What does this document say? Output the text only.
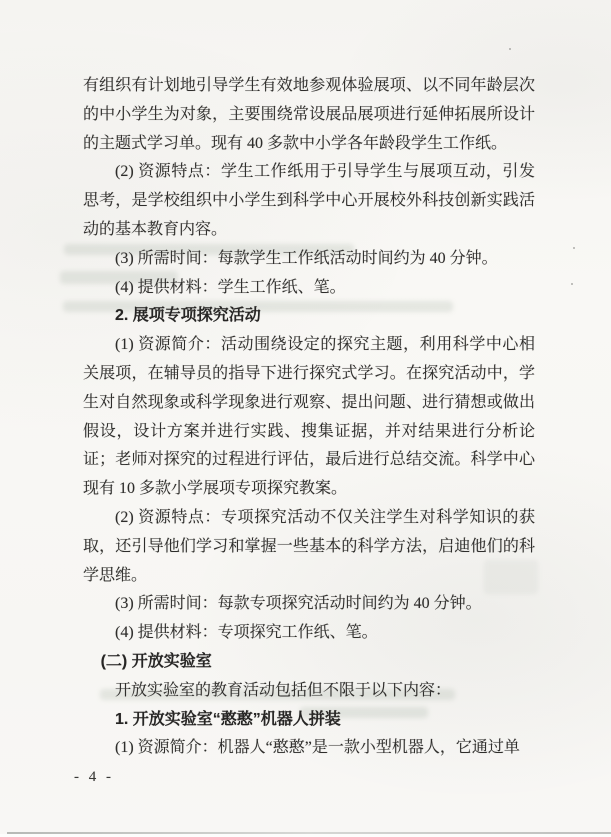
有组织有计划地引导学生有效地参观体验展项、以不同年龄层次的中小学生为对象，主要围绕常设展品展项进行延伸拓展所设计的主题式学习单。现有 40 多款中小学各年龄段学生工作纸。

(2) 资源特点：学生工作纸用于引导学生与展项互动，引发思考，是学校组织中小学生到科学中心开展校外科技创新实践活动的基本教育内容。

(3) 所需时间：每款学生工作纸活动时间约为 40 分钟。

(4) 提供材料：学生工作纸、笔。

2. 展项专项探究活动

(1) 资源简介：活动围绕设定的探究主题，利用科学中心相关展项，在辅导员的指导下进行探究式学习。在探究活动中，学生对自然现象或科学现象进行观察、提出问题、进行猜想或做出假设，设计方案并进行实践、搜集证据，并对结果进行分析论证；老师对探究的过程进行评估，最后进行总结交流。科学中心现有 10 多款小学展项专项探究教案。

(2) 资源特点：专项探究活动不仅关注学生对科学知识的获取，还引导他们学习和掌握一些基本的科学方法，启迪他们的科学思维。

(3) 所需时间：每款专项探究活动时间约为 40 分钟。

(4) 提供材料：专项探究工作纸、笔。

(二) 开放实验室

开放实验室的教育活动包括但不限于以下内容：

1. 开放实验室“憨憨”机器人拼装

(1) 资源简介：机器人“憨憨”是一款小型机器人，它通过单

- 4 -
